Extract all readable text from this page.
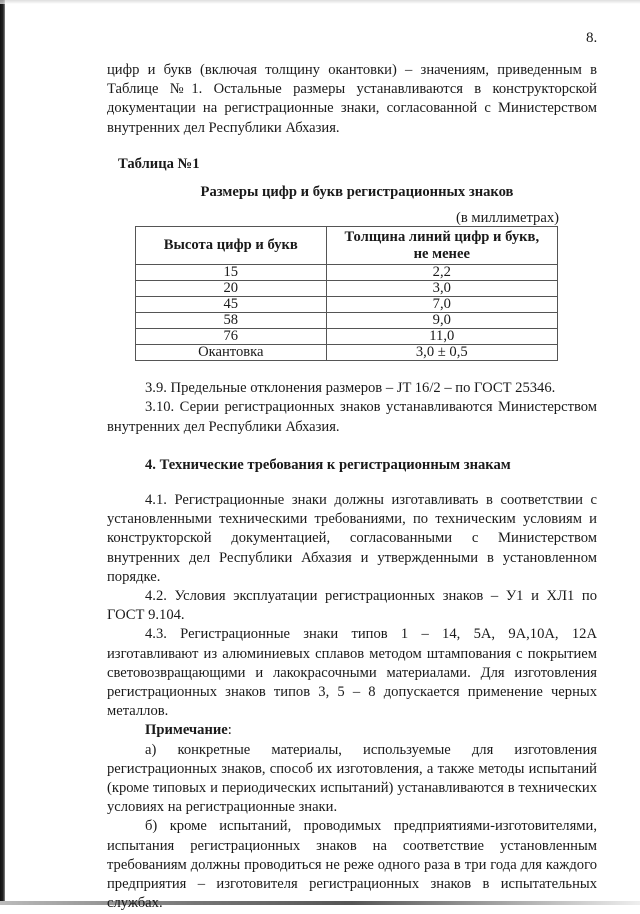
8.

цифр и букв (включая толщину окантовки) – значениям, приведенным в Таблице №1. Остальные размеры устанавливаются в конструкторской документации на регистрационные знаки, согласованной с Министерством внутренних дел Республики Абхазия.

Таблица №1
Размеры цифр и букв регистрационных знаков
(в миллиметрах)
Высота цифр и букв	Толщина линий цифр и букв,
не менее
15	2,2
20	3,0
45	7,0
58	9,0
76	11,0
Окантовка	3,0 ± 0,5

3.9. Предельные отклонения размеров – JT 16/2 – по ГОСТ 25346.

3.10. Серии регистрационных знаков устанавливаются Министерством внутренних дел Республики Абхазия.

4. Технические требования к регистрационным знакам

4.1. Регистрационные знаки должны изготавливать в соответствии с установленными техническими требованиями, по техническим условиям и конструкторской документацией, согласованными с Министерством внутренних дел Республики Абхазия и утвержденными в установленном порядке.

4.2. Условия эксплуатации регистрационных знаков – У1 и ХЛ1 по ГОСТ 9.104.

4.3. Регистрационные знаки типов 1 – 14, 5А, 9А,10А, 12А изготавливают из алюминиевых сплавов методом штампования с покрытием световозвращающими и лакокрасочными материалами. Для изготовления регистрационных знаков типов 3, 5 – 8 допускается применение черных металлов.

Примечание:

а) конкретные материалы, используемые для изготовления регистрационных знаков, способ их изготовления, а также методы испытаний (кроме типовых и периодических испытаний) устанавливаются в технических условиях на регистрационные знаки.

б) кроме испытаний, проводимых предприятиями-изготовителями, испытания регистрационных знаков на соответствие установленным требованиям должны проводиться не реже одного раза в три года для каждого предприятия – изготовителя регистрационных знаков в испытательных службах.
